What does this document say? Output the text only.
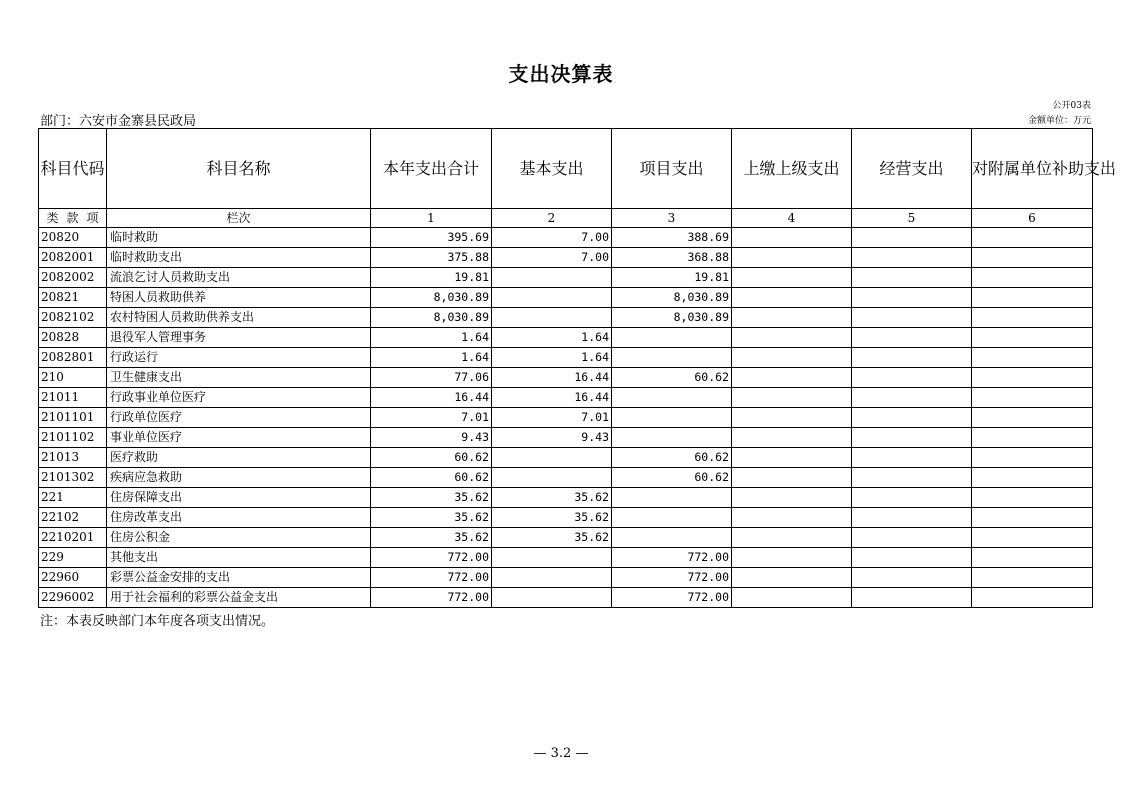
支出决算表
部门：六安市金寨县民政局
公开03表
金额单位：万元
科目代码	科目名称	本年支出合计	基本支出	项目支出	上缴上级支出	经营支出	对附属单位补助支出
类 款 项	栏次	1	2	3	4	5	6
20820	临时救助	395.69	7.00	388.69			
2082001	临时救助支出	375.88	7.00	368.88			
2082002	流浪乞讨人员救助支出	19.81		19.81			
20821	特困人员救助供养	8,030.89		8,030.89			
2082102	农村特困人员救助供养支出	8,030.89		8,030.89			
20828	退役军人管理事务	1.64	1.64				
2082801	行政运行	1.64	1.64				
210	卫生健康支出	77.06	16.44	60.62			
21011	行政事业单位医疗	16.44	16.44				
2101101	行政单位医疗	7.01	7.01				
2101102	事业单位医疗	9.43	9.43				
21013	医疗救助	60.62		60.62			
2101302	疾病应急救助	60.62		60.62			
221	住房保障支出	35.62	35.62				
22102	住房改革支出	35.62	35.62				
2210201	住房公积金	35.62	35.62				
229	其他支出	772.00		772.00			
22960	彩票公益金安排的支出	772.00		772.00			
2296002	用于社会福利的彩票公益金支出	772.00		772.00			
注：本表反映部门本年度各项支出情况。
— 3.2 —
